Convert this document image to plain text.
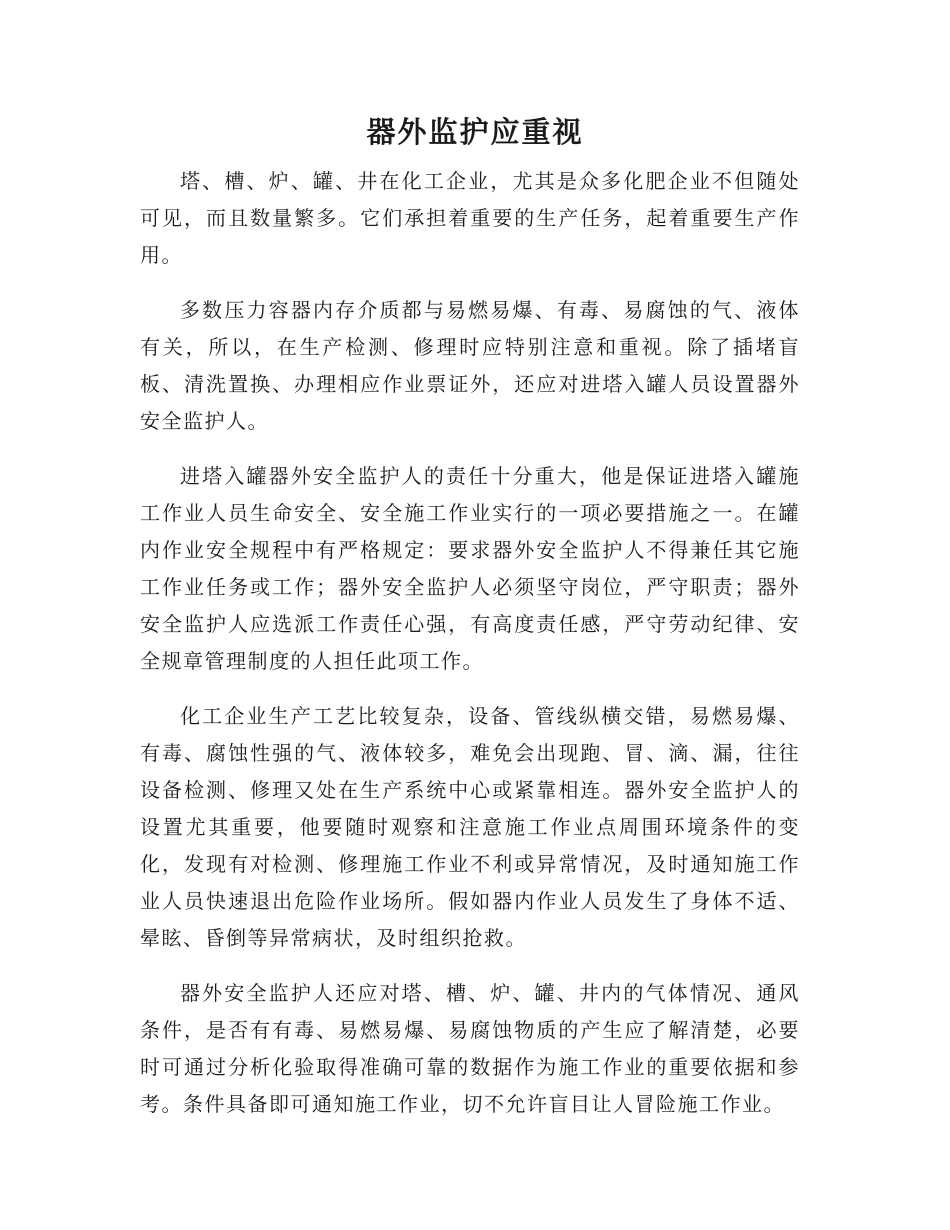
器外监护应重视

塔、槽、炉、罐、井在化工企业，尤其是众多化肥企业不但随处可见，而且数量繁多。它们承担着重要的生产任务，起着重要生产作用。

多数压力容器内存介质都与易燃易爆、有毒、易腐蚀的气、液体有关，所以，在生产检测、修理时应特别注意和重视。除了插堵盲板、清洗置换、办理相应作业票证外，还应对进塔入罐人员设置器外安全监护人。

进塔入罐器外安全监护人的责任十分重大，他是保证进塔入罐施工作业人员生命安全、安全施工作业实行的一项必要措施之一。在罐内作业安全规程中有严格规定：要求器外安全监护人不得兼任其它施工作业任务或工作；器外安全监护人必须坚守岗位，严守职责；器外安全监护人应选派工作责任心强，有高度责任感，严守劳动纪律、安全规章管理制度的人担任此项工作。

化工企业生产工艺比较复杂，设备、管线纵横交错，易燃易爆、有毒、腐蚀性强的气、液体较多，难免会出现跑、冒、滴、漏，往往设备检测、修理又处在生产系统中心或紧靠相连。器外安全监护人的设置尤其重要，他要随时观察和注意施工作业点周围环境条件的变化，发现有对检测、修理施工作业不利或异常情况，及时通知施工作业人员快速退出危险作业场所。假如器内作业人员发生了身体不适、晕眩、昏倒等异常病状，及时组织抢救。

器外安全监护人还应对塔、槽、炉、罐、井内的气体情况、通风条件，是否有有毒、易燃易爆、易腐蚀物质的产生应了解清楚，必要时可通过分析化验取得准确可靠的数据作为施工作业的重要依据和参考。条件具备即可通知施工作业，切不允许盲目让人冒险施工作业。
